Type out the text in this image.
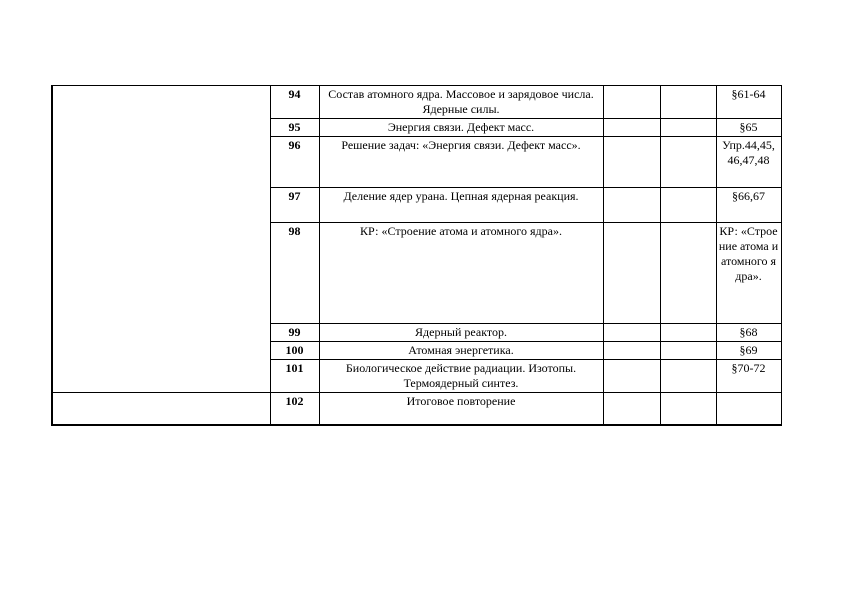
	94	Состав атомного ядра. Массовое и зарядовое числа. Ядерные силы.			§61-64
	95	Энергия связи. Дефект масс.			§65
	96	Решение задач: «Энергия связи. Дефект масс».			Упр.44,45, 46,47,48
	97	Деление ядер урана. Цепная ядерная реакция.			§66,67
	98	КР: «Строение атома и атомного ядра».			КР: «Строение атома и атомного ядра».
	99	Ядерный реактор.			§68
	100	Атомная энергетика.			§69
	101	Биологическое действие радиации. Изотопы. Термоядерный синтез.			§70-72
	102	Итоговое повторение			
